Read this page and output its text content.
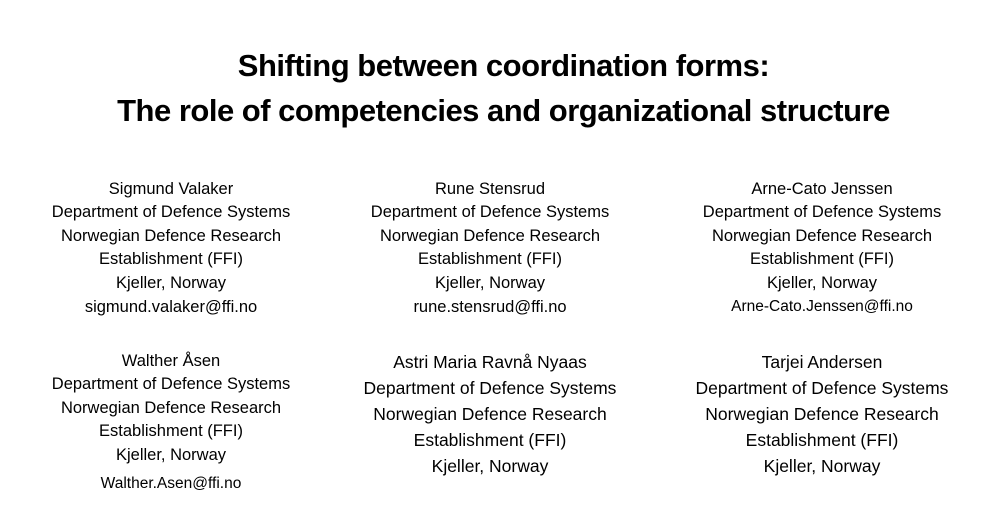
Shifting between coordination forms:
The role of competencies and organizational structure
Sigmund Valaker
Department of Defence Systems
Norwegian Defence Research
Establishment (FFI)
Kjeller, Norway
sigmund.valaker@ffi.no
Rune Stensrud
Department of Defence Systems
Norwegian Defence Research
Establishment (FFI)
Kjeller, Norway
rune.stensrud@ffi.no
Arne-Cato Jenssen
Department of Defence Systems
Norwegian Defence Research
Establishment (FFI)
Kjeller, Norway
Arne-Cato.Jenssen@ffi.no
Walther Åsen
Department of Defence Systems
Norwegian Defence Research
Establishment (FFI)
Kjeller, Norway
Walther.Asen@ffi.no
Astri Maria Ravnå Nyaas
Department of Defence Systems
Norwegian Defence Research
Establishment (FFI)
Kjeller, Norway
Tarjei Andersen
Department of Defence Systems
Norwegian Defence Research
Establishment (FFI)
Kjeller, Norway
